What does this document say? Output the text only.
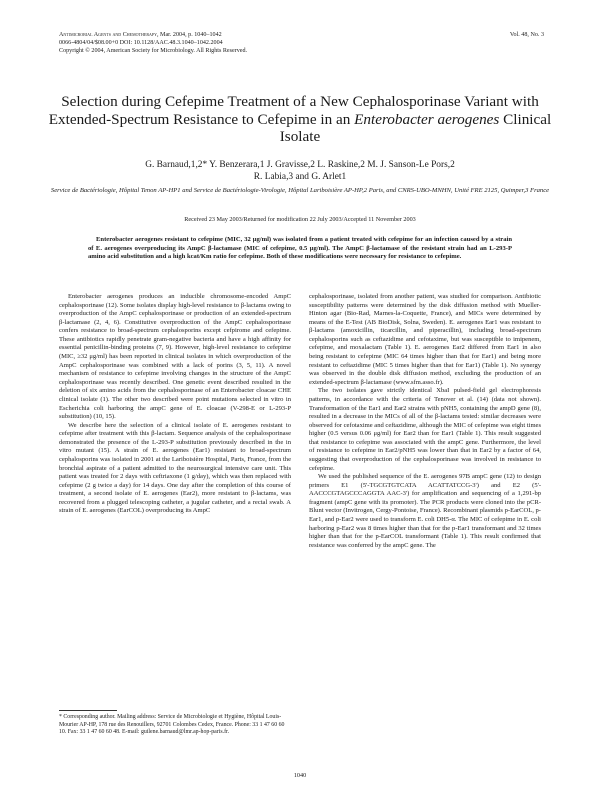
Antimicrobial Agents and Chemotherapy, Mar. 2004, p. 1040–1042
0066-4804/04/$08.00+0 DOI: 10.1128/AAC.48.3.1040–1042.2004
Copyright © 2004, American Society for Microbiology. All Rights Reserved.
Vol. 48, No. 3
Selection during Cefepime Treatment of a New Cephalosporinase Variant with Extended-Spectrum Resistance to Cefepime in an Enterobacter aerogenes Clinical Isolate
G. Barnaud,1,2* Y. Benzerara,1 J. Gravisse,2 L. Raskine,2 M. J. Sanson-Le Pors,2
R. Labia,3 and G. Arlet1
Service de Bactériologie, Hôpital Tenon AP-HP1 and Service de Bactériologie-Virologie, Hôpital Lariboisière AP-HP,2 Paris, and CNRS-UBO-MNHN, Unité FRE 2125, Quimper,3 France
Received 23 May 2003/Returned for modification 22 July 2003/Accepted 11 November 2003

Enterobacter aerogenes resistant to cefepime (MIC, 32 μg/ml) was isolated from a patient treated with cefepime for an infection caused by a strain of E. aerogenes overproducing its AmpC β-lactamase (MIC of cefepime, 0.5 μg/ml). The AmpC β-lactamase of the resistant strain had an L-293-P amino acid substitution and a high kcat/Km ratio for cefepime. Both of these modifications were necessary for resistance to cefepime.

Enterobacter aerogenes produces an inducible chromosome-encoded AmpC cephalosporinase (12). Some isolates display high-level resistance to β-lactams owing to overproduction of the AmpC cephalosporinase or production of an extended-spectrum β-lactamase (2, 4, 6). Constitutive overproduction of the AmpC cephalosporinase confers resistance to broad-spectrum cephalosporins except cefpirome and cefepime. These antibiotics rapidly penetrate gram-negative bacteria and have a high affinity for essential penicillin-binding proteins (7, 9). However, high-level resistance to cefepime (MIC, ≥32 μg/ml) has been reported in clinical isolates in which overproduction of the AmpC cephalosporinase was combined with a lack of porins (3, 5, 11). A novel mechanism of resistance to cefepime involving changes in the structure of the AmpC cephalosporinase was recently described. One genetic event described resulted in the deletion of six amino acids from the cephalosporinase of an Enterobacter cloacae CHE clinical isolate (1). The other two described were point mutations selected in vitro in Escherichia coli harboring the ampC gene of E. cloacae (V-298-E or L-293-P substitution) (10, 15).

We describe here the selection of a clinical isolate of E. aerogenes resistant to cefepime after treatment with this β-lactam. Sequence analysis of the cephalosporinase demonstrated the presence of the L-293-P substitution previously described in the in vitro mutant (15). A strain of E. aerogenes (Ear1) resistant to broad-spectrum cephalosporins was isolated in 2001 at the Lariboisière Hospital, Paris, France, from the bronchial aspirate of a patient admitted to the neurosurgical intensive care unit. This patient was treated for 2 days with ceftriaxone (1 g/day), which was then replaced with cefepime (2 g twice a day) for 14 days. One day after the completion of this course of treatment, a second isolate of E. aerogenes (Ear2), more resistant to β-lactams, was recovered from a plugged telescoping catheter, a jugular catheter, and a rectal swab. A strain of E. aerogenes (EarCOL) overproducing its AmpC

cephalosporinase, isolated from another patient, was studied for comparison. Antibiotic susceptibility patterns were determined by the disk diffusion method with Mueller-Hinton agar (Bio-Rad, Marnes-la-Coquette, France), and MICs were determined by means of the E-Test (AB BioDisk, Solna, Sweden). E. aerogenes Ear1 was resistant to β-lactams (amoxicillin, ticarcillin, and piperacillin), including broad-spectrum cephalosporins such as ceftazidime and cefotaxime, but was susceptible to imipenem, cefepime, and moxalactam (Table 1). E. aerogenes Ear2 differed from Ear1 in also being resistant to cefepime (MIC 64 times higher than that for Ear1) and being more resistant to ceftazidime (MIC 5 times higher than that for Ear1) (Table 1). No synergy was observed in the double disk diffusion method, excluding the production of an extended-spectrum β-lactamase (www.sfm.asso.fr).

The two isolates gave strictly identical XbaI pulsed-field gel electrophoresis patterns, in accordance with the criteria of Tenover et al. (14) (data not shown). Transformation of the Ear1 and Ear2 strains with pNH5, containing the ampD gene (8), resulted in a decrease in the MICs of all of the β-lactams tested: similar decreases were observed for cefotaxime and ceftazidime, although the MIC of cefepime was eight times higher (0.5 versus 0.06 μg/ml) for Ear2 than for Ear1 (Table 1). This result suggested that resistance to cefepime was associated with the ampC gene. Furthermore, the level of resistance to cefepime in Ear2/pNH5 was lower than that in Ear2 by a factor of 64, suggesting that overproduction of the cephalosporinase was involved in resistance to cefepime.

We used the published sequence of the E. aerogenes 97B ampC gene (12) to design primers E1 (5'-TGCGTGTCATA ACATTATCCG-3') and E2 (5'-AACCCGTAGCCCAGGTA AAC-3') for amplification and sequencing of a 1,291-bp fragment (ampC gene with its promoter). The PCR products were cloned into the pCR-Blunt vector (Invitrogen, Cergy-Pontoise, France). Recombinant plasmids p-EarCOL, p-Ear1, and p-Ear2 were used to transform E. coli DH5-α. The MIC of cefepime in E. coli harboring p-Ear2 was 8 times higher than that for the p-Ear1 transformant and 32 times higher than that for the p-EarCOL transformant (Table 1). This result confirmed that resistance was conferred by the ampC gene. The

* Corresponding author. Mailing address: Service de Microbiologie et Hygiène, Hôpital Louis-Mourier AP-HP, 178 rue des Renouillers, 92701 Colombes Cedex, France. Phone: 33 1 47 60 60 10. Fax: 33 1 47 60 60 48. E-mail: guilene.barnaud@lmr.ap-hop-paris.fr.
1040
